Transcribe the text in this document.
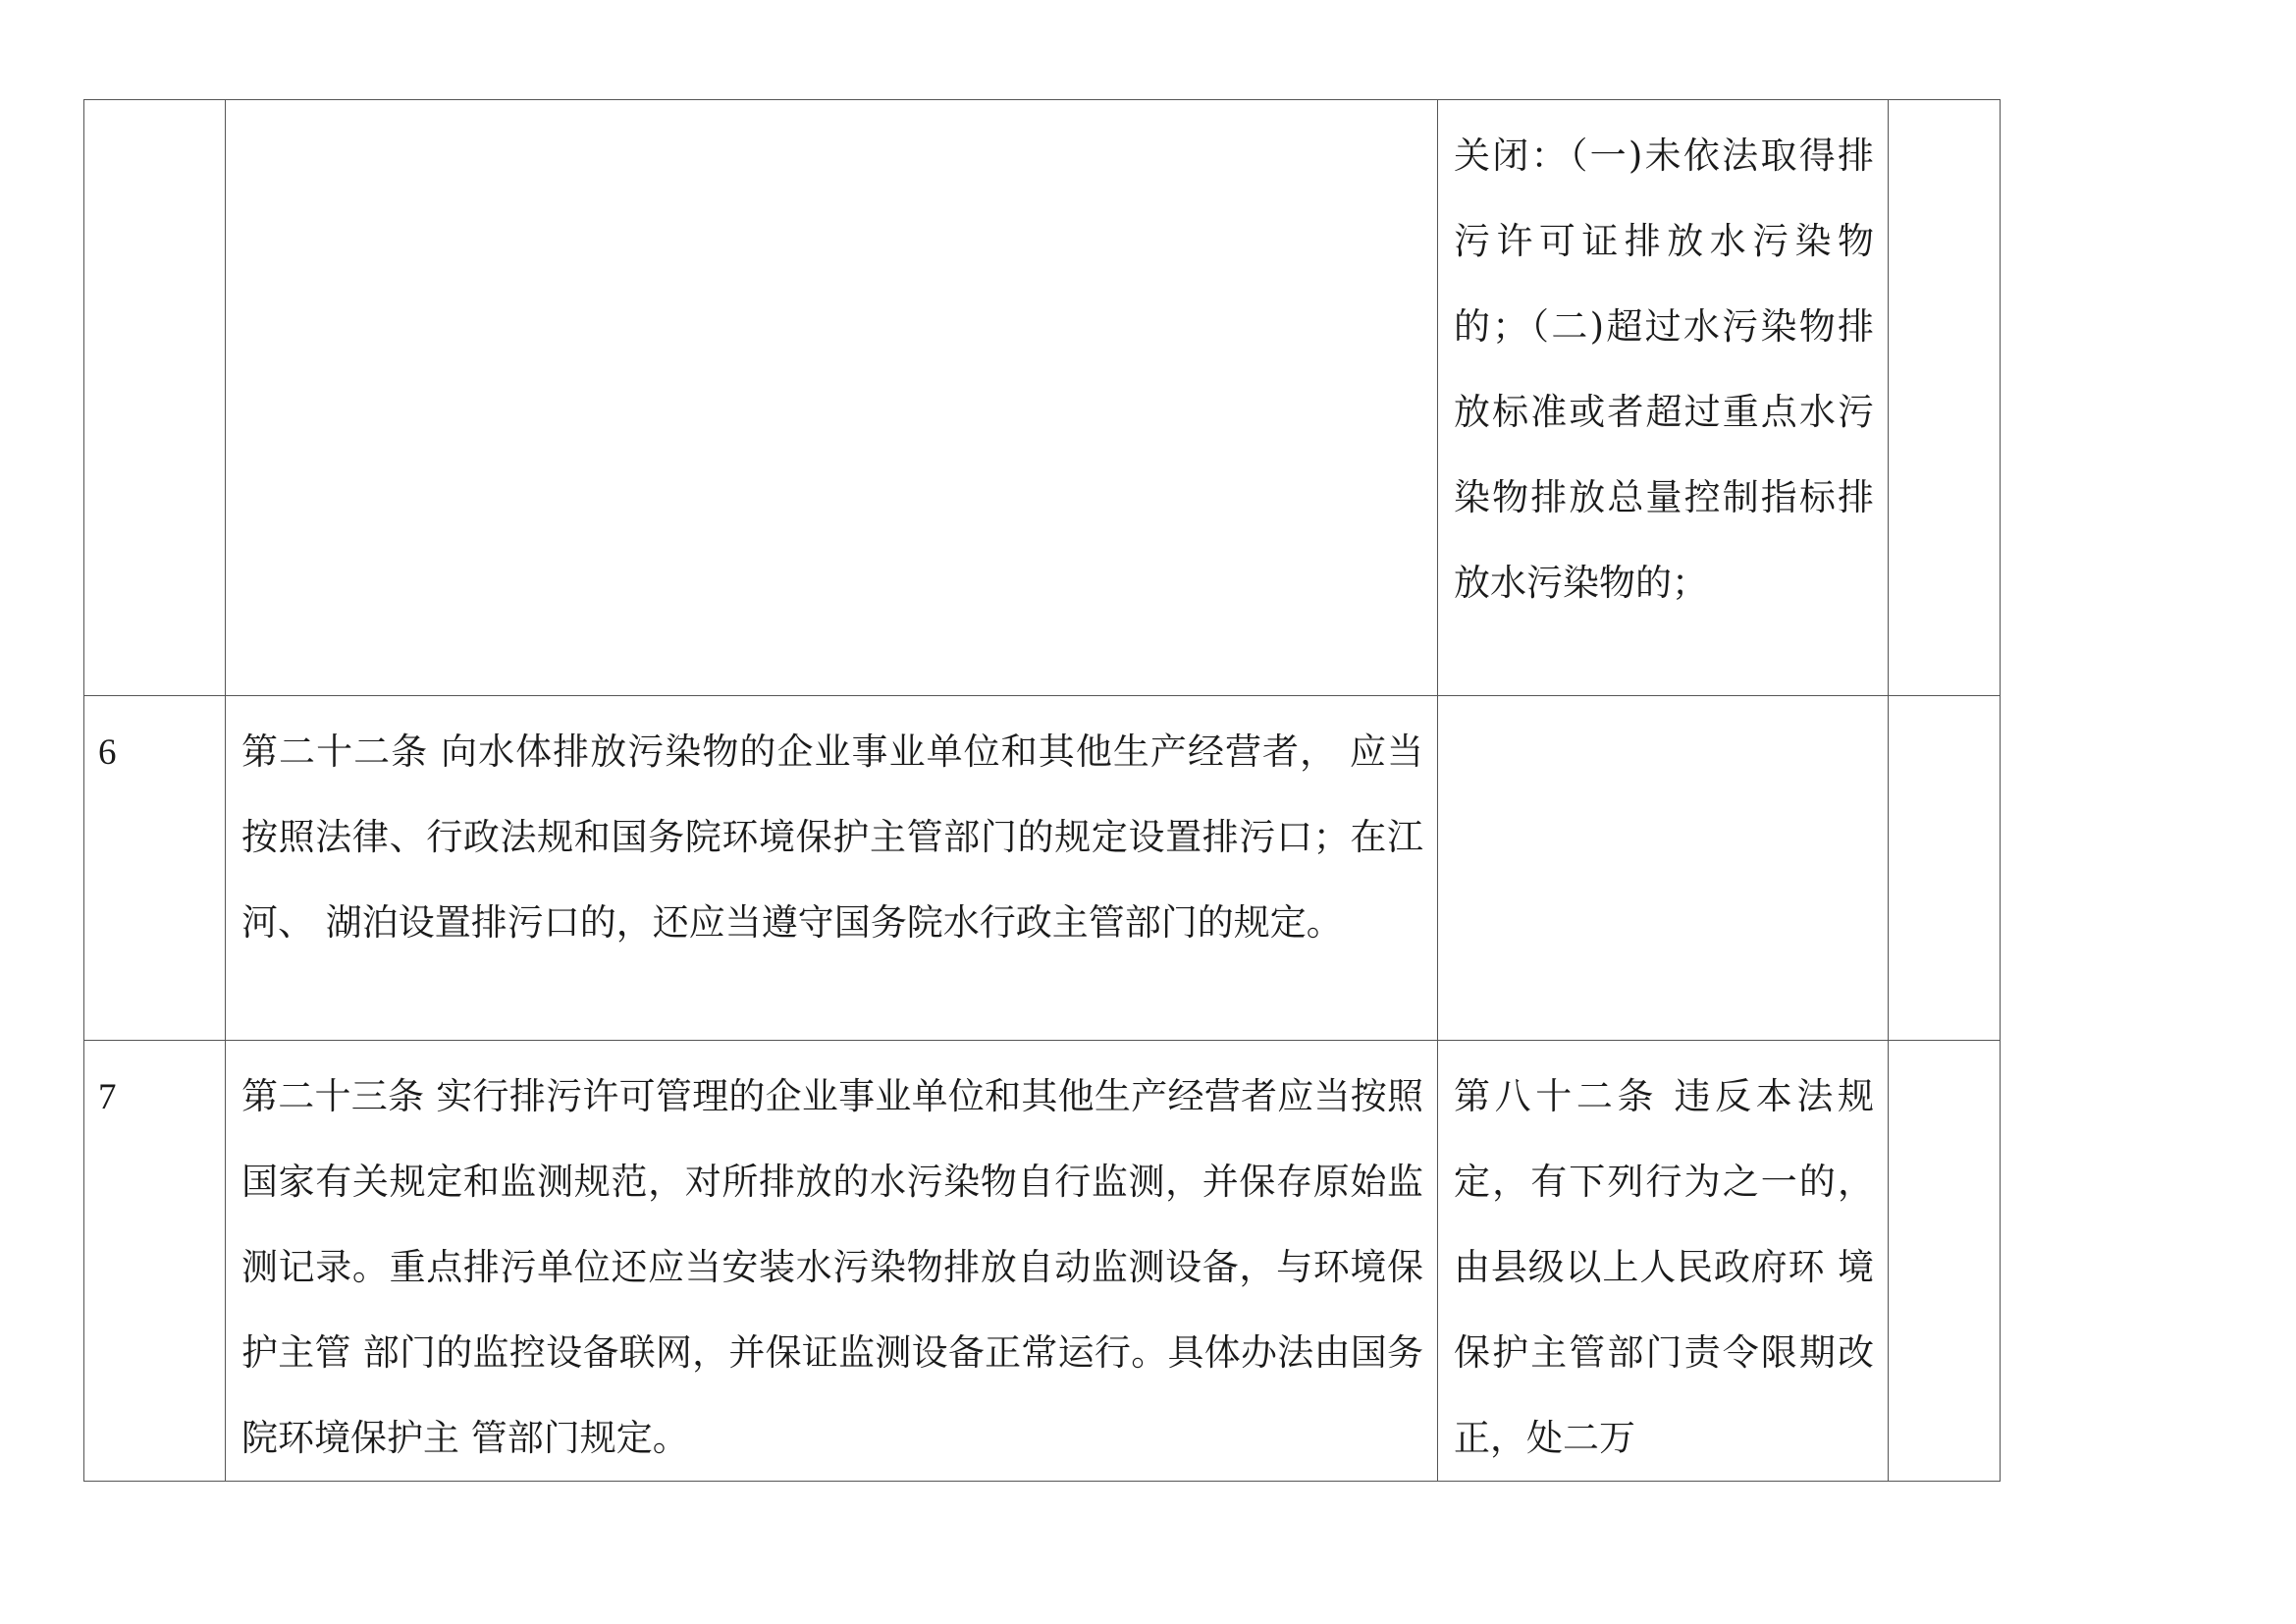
		关闭：（一)未依法取得排污许可证排放水污染物的；（二)超过水污染物排放标准或者超过重点水污染物排放总量控制指标排放水污染物的；	

6	第二十二条 向水体排放污染物的企业事业单位和其他生产经营者， 应当按照法律、行政法规和国务院环境保护主管部门的规定设置排污口；在江河、 湖泊设置排污口的，还应当遵守国务院水行政主管部门的规定。		

7	第二十三条 实行排污许可管理的企业事业单位和其他生产经营者应当按照国家有关规定和监测规范，对所排放的水污染物自行监测，并保存原始监测记录。重点排污单位还应当安装水污染物排放自动监测设备，与环境保护主管 部门的监控设备联网，并保证监测设备正常运行。具体办法由国务院环境保护主 管部门规定。	第八十二条 违反本法规定，有下列行为之一的，由县级以上人民政府环 境保护主管部门责令限期改正，处二万	
